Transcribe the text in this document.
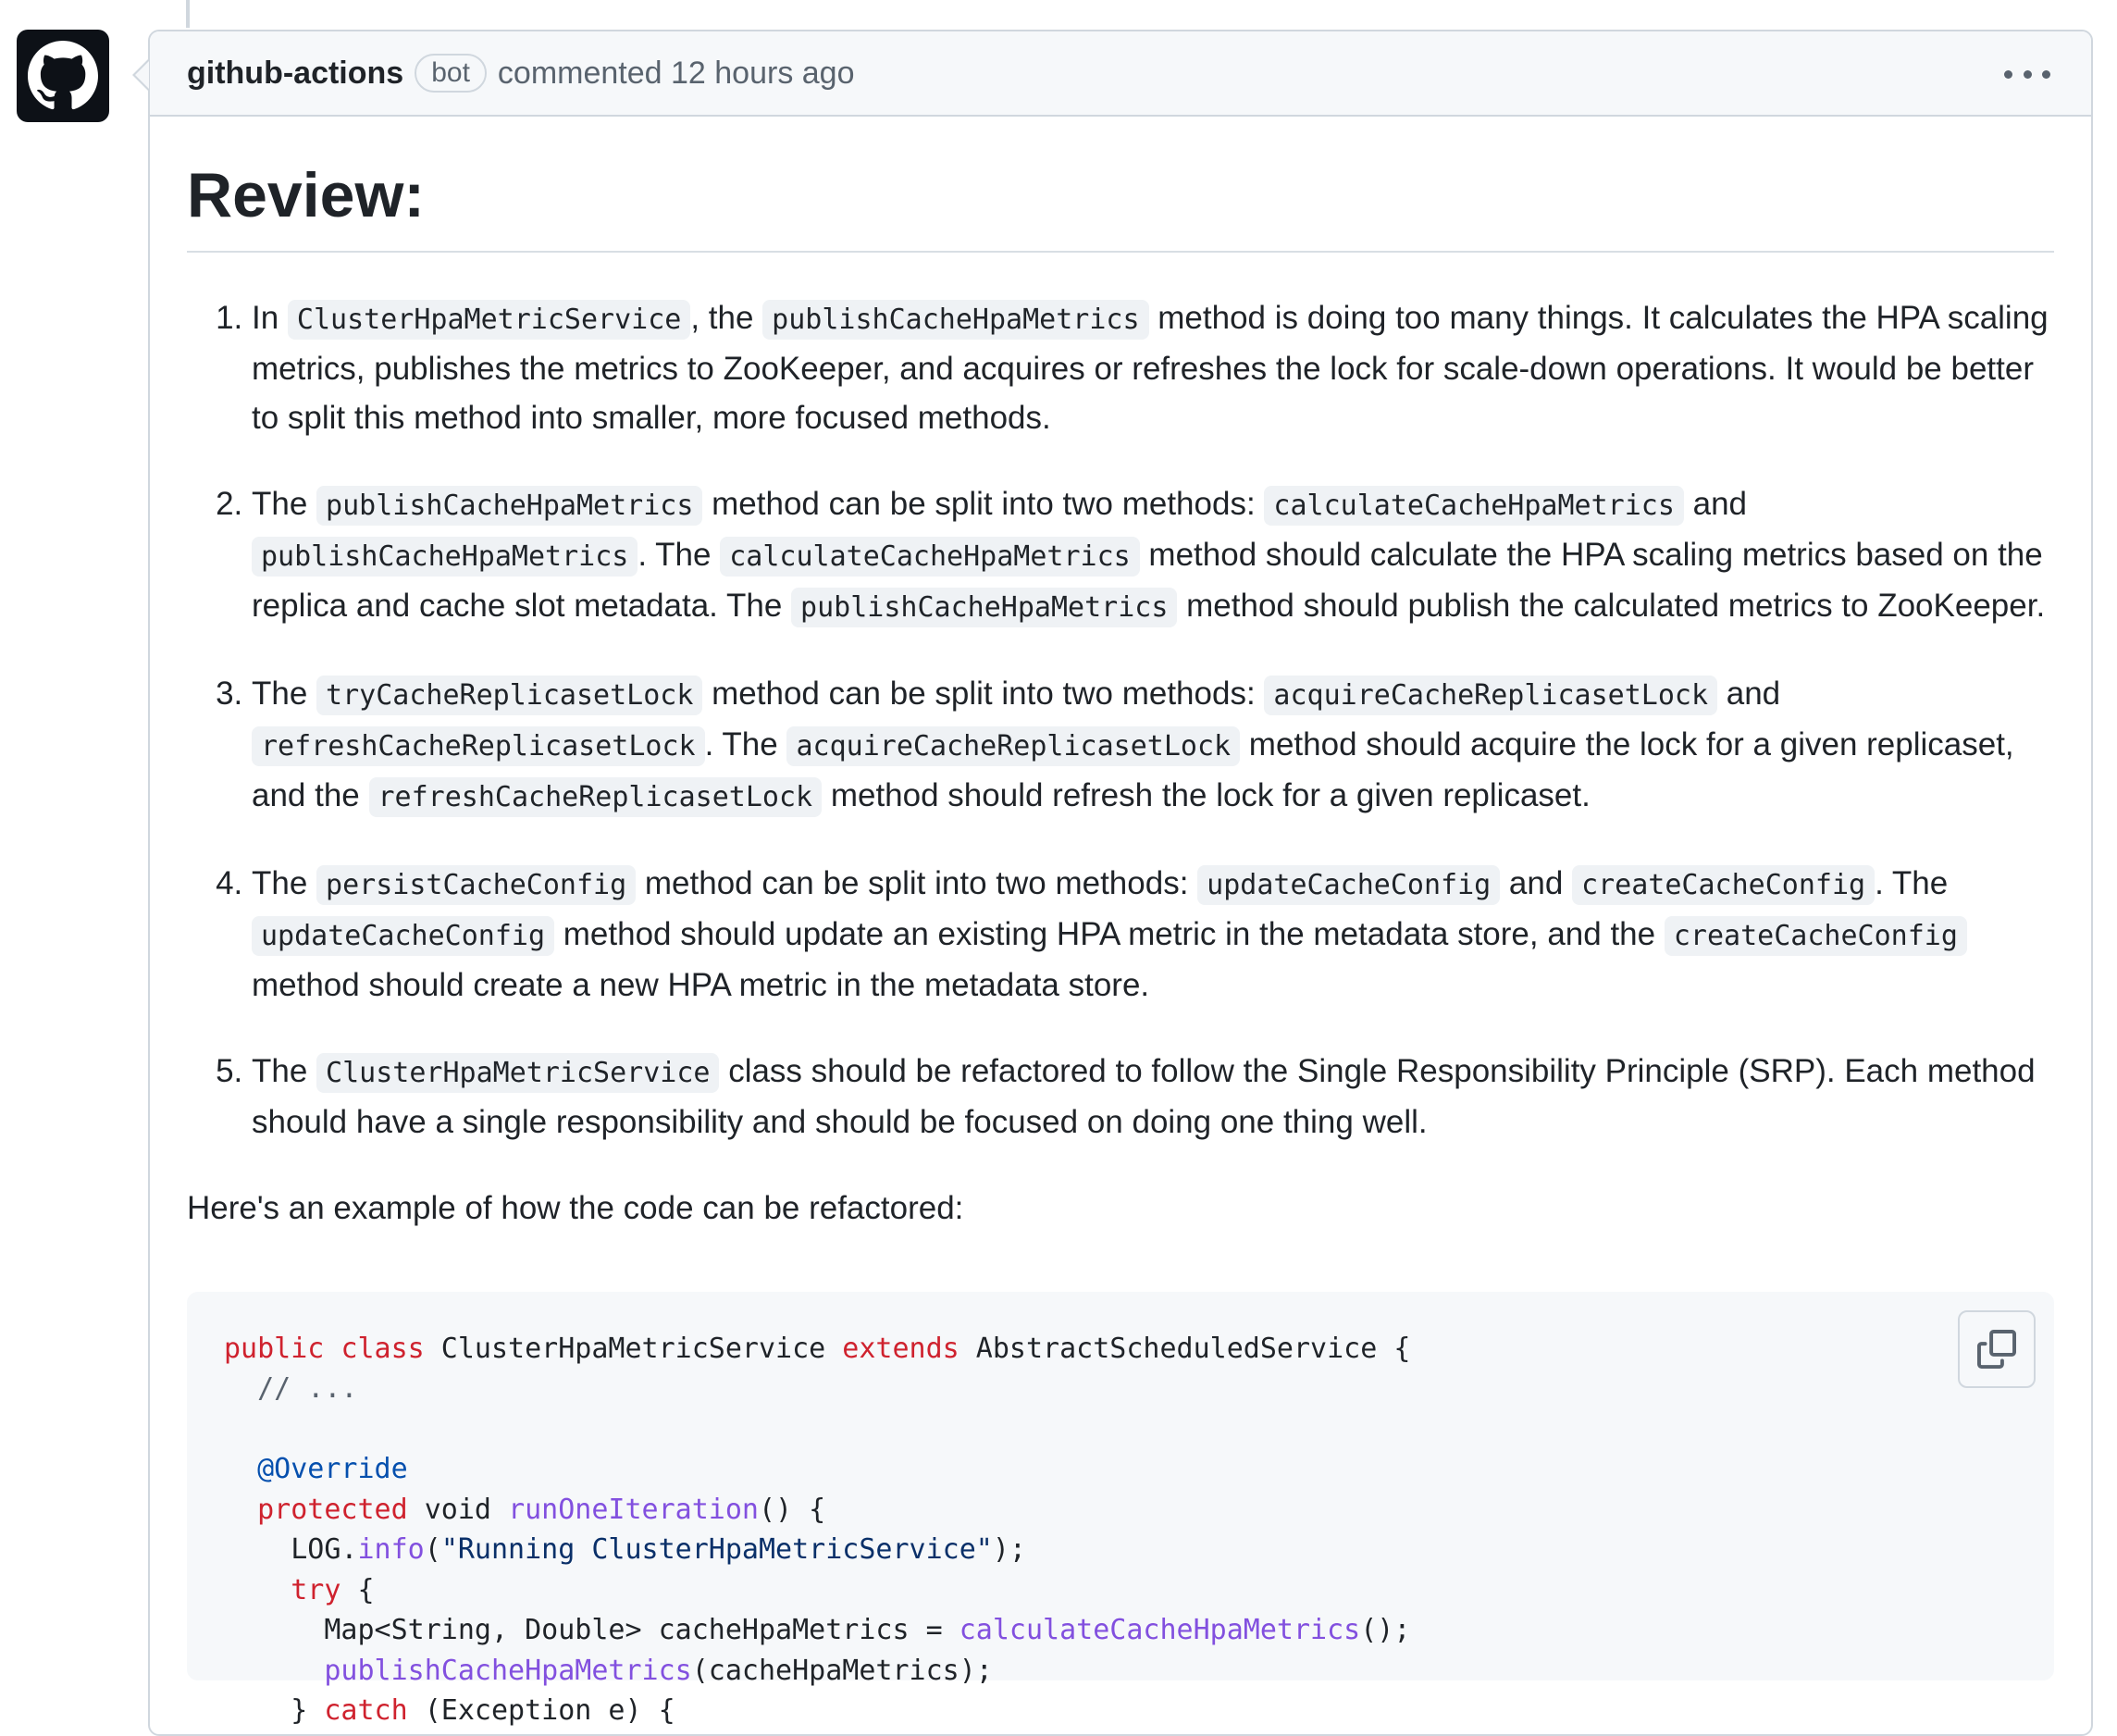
github-actions	bot commented 12 hours ago
Review:
1. In ClusterHpaMetricService , the publishCacheHpaMetrics method is doing too many things. It calculates the HPA scaling metrics, publishes the metrics to ZooKeeper, and acquires or refreshes the lock for scale-down operations. It would be better to split this method into smaller, more focused methods.
2. The publishCacheHpaMetrics method can be split into two methods: calculateCacheHpaMetrics and publishCacheHpaMetrics . The calculateCacheHpaMetrics method should calculate the HPA scaling metrics based on the replica and cache slot metadata. The publishCacheHpaMetrics method should publish the calculated metrics to ZooKeeper.
3. The tryCacheReplicasetLock method can be split into two methods: acquireCacheReplicasetLock and refreshCacheReplicasetLock . The acquireCacheReplicasetLock method should acquire the lock for a given replicaset, and the refreshCacheReplicasetLock method should refresh the lock for a given replicaset.
4. The persistCacheConfig method can be split into two methods: updateCacheConfig and createCacheConfig . The updateCacheConfig method should update an existing HPA metric in the metadata store, and the createCacheConfig method should create a new HPA metric in the metadata store.
5. The ClusterHpaMetricService class should be refactored to follow the Single Responsibility Principle (SRP). Each method should have a single responsibility and should be focused on doing one thing well.

Here's an example of how the code can be refactored:

public class ClusterHpaMetricService extends AbstractScheduledService {
// ...
@Override
protected void runOneIteration() {
LOG.info("Running ClusterHpaMetricService");
try {
Map<String, Double> cacheHpaMetrics = calculateCacheHpaMetrics();
publishCacheHpaMetrics(cacheHpaMetrics);
} catch (Exception e) {
